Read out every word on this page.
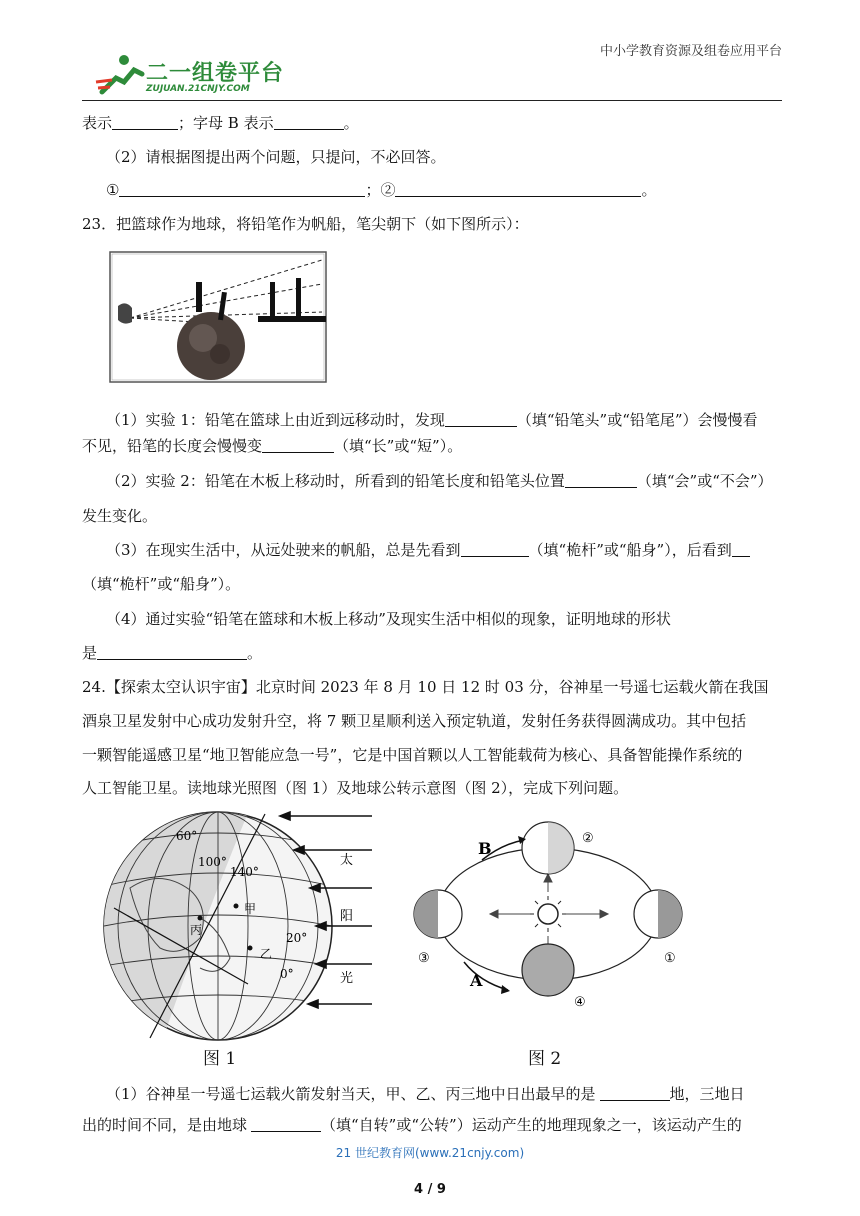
中小学教育资源及组卷应用平台
二一组卷平台
ZUJUAN.21CNJY.COM
表示	；字母 B 表示	。
（2）请根据图提出两个问题，只提问，不必回答。
①	；②	。
23．把篮球作为地球，将铅笔作为帆船，笔尖朝下（如下图所示）：
（1）实验 1：铅笔在篮球上由近到远移动时，发现	（填“铅笔头”或“铅笔尾”）会慢慢看
不见，铅笔的长度会慢慢变	（填“长”或“短”）。
（2）实验 2：铅笔在木板上移动时，所看到的铅笔长度和铅笔头位置	（填“会”或“不会”）
发生变化。
（3）在现实生活中，从远处驶来的帆船，总是先看到	（填“桅杆”或“船身”），后看到
（填“桅杆”或“船身”）。
（4）通过实验“铅笔在篮球和木板上移动”及现实生活中相似的现象，证明地球的形状
是	。
24.【探索太空认识宇宙】北京时间 2023 年 8 月 10 日 12 时 03 分，谷神星一号遥七运载火箭在我国
酒泉卫星发射中心成功发射升空，将 7 颗卫星顺利送入预定轨道，发射任务获得圆满成功。其中包括
一颗智能遥感卫星“地卫智能应急一号”，它是中国首颗以人工智能载荷为核心、具备智能操作系统的
人工智能卫星。读地球光照图（图 1）及地球公转示意图（图 2），完成下列问题。
60°
100°
140°
甲
丙
乙
20°
0°
太
阳
光
B
A
②
③	①
④
图 1	图 2
（1）谷神星一号遥七运载火箭发射当天，甲、乙、丙三地中日出最早的是	地，三地日
出的时间不同，是由地球	（填“自转”或“公转”）运动产生的地理现象之一，该运动产生的
21 世纪教育网(www.21cnjy.com)
4 / 9
